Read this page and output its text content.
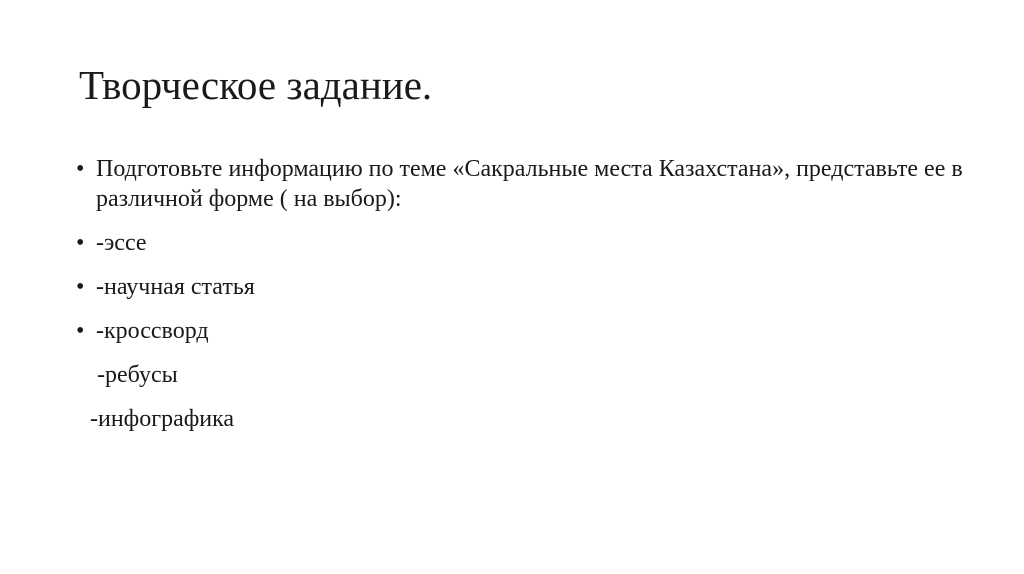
Творческое задание.
• Подготовьте информацию по теме «Сакральные места Казахстана», представьте ее в различной форме ( на выбор):
• -эссе
• -научная статья
• -кроссворд
-ребусы
-инфографика
